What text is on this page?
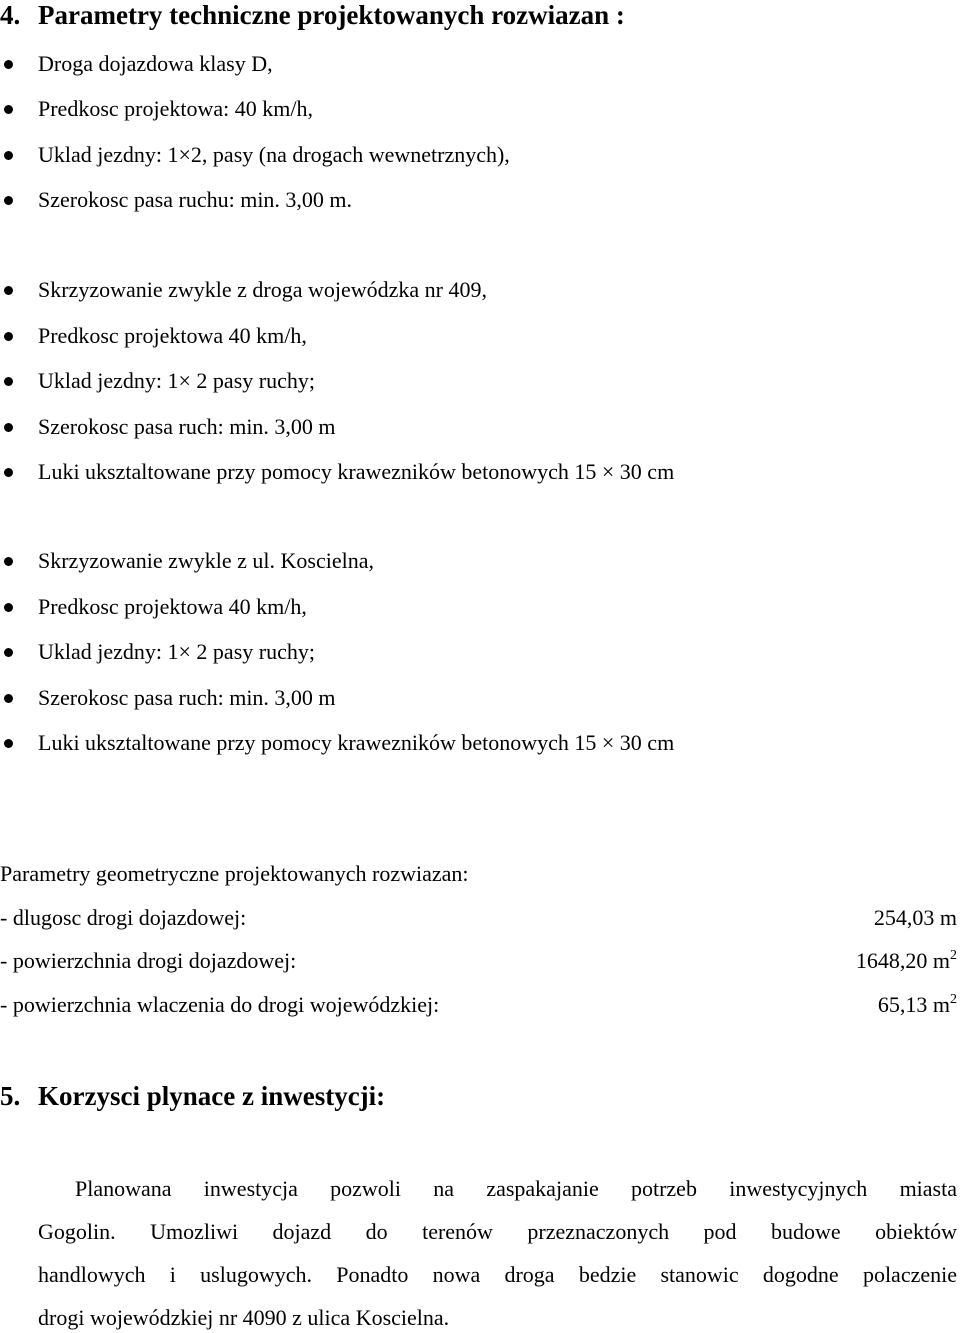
4. Parametry techniczne projektowanych rozwiazan :
Droga dojazdowa klasy D,
Predkosc projektowa: 40 km/h,
Uklad jezdny: 1×2, pasy (na drogach wewnetrznych),
Szerokosc pasa ruchu: min. 3,00 m.
Skrzyzowanie zwykle z droga wojewódzka nr 409,
Predkosc projektowa 40 km/h,
Uklad jezdny: 1× 2 pasy ruchy;
Szerokosc pasa ruch: min. 3,00 m
Luki uksztaltowane przy pomocy krawezników betonowych 15 × 30 cm
Skrzyzowanie zwykle z ul. Koscielna,
Predkosc projektowa 40 km/h,
Uklad jezdny: 1× 2 pasy ruchy;
Szerokosc pasa ruch: min. 3,00 m
Luki uksztaltowane przy pomocy krawezników betonowych 15 × 30 cm
Parametry geometryczne projektowanych rozwiazan:
- dlugosc drogi dojazdowej:	254,03 m
- powierzchnia drogi dojazdowej:	1648,20 $m^2$
- powierzchnia wlaczenia do drogi wojewódzkiej:	65,13 $m^2$
5. Korzysci plynace z inwestycji:
Planowana inwestycja pozwoli na zaspakajanie potrzeb inwestycyjnych miasta
Gogolin. Umozliwi dojazd do terenów przeznaczonych pod budowe obiektów
handlowych i uslugowych. Ponadto nowa droga bedzie stanowic dogodne polaczenie
drogi wojewódzkiej nr 4090 z ulica Koscielna.
